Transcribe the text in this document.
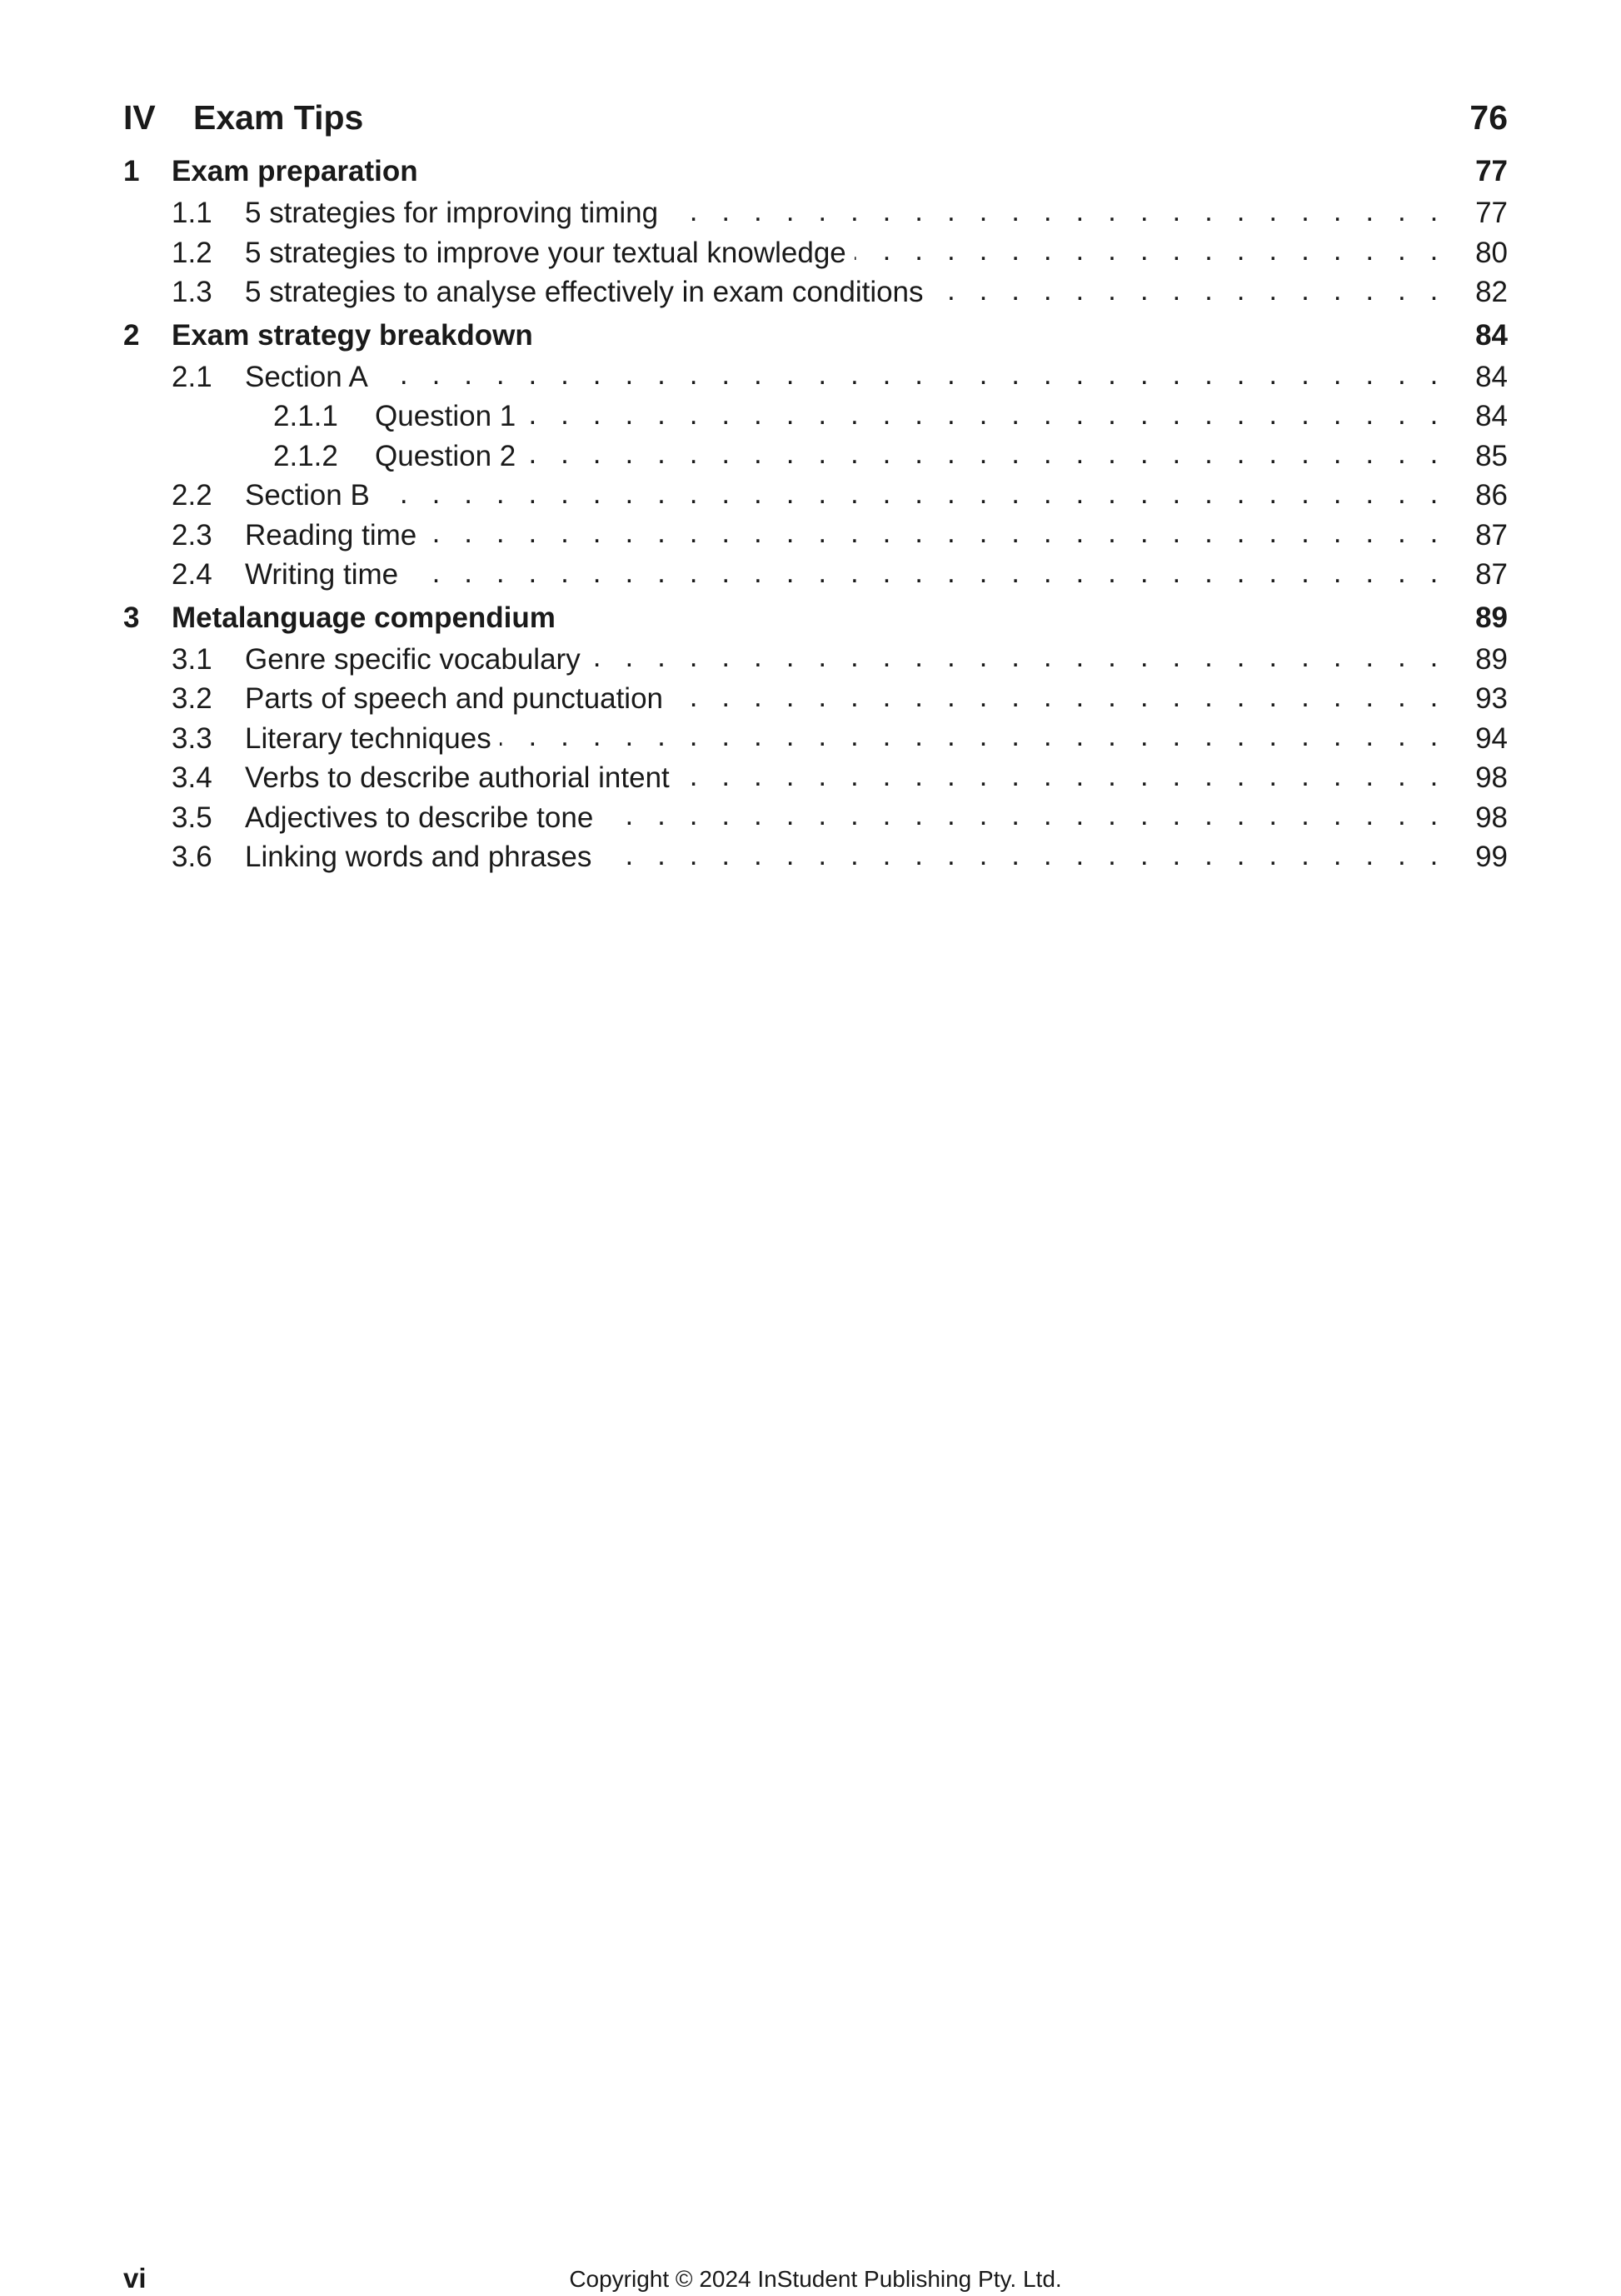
IV	Exam Tips	76
1	Exam preparation	77
1.1	5 strategies for improving timing . . .	77
1.2	5 strategies to improve your textual knowledge . . .	80
1.3	5 strategies to analyse effectively in exam conditions . . .	82
2	Exam strategy breakdown	84
2.1	Section A . . .	84
2.1.1	Question 1 . . .	84
2.1.2	Question 2 . . .	85
2.2	Section B . . .	86
2.3	Reading time . . .	87
2.4	Writing time . . .	87
3	Metalanguage compendium	89
3.1	Genre specific vocabulary . . .	89
3.2	Parts of speech and punctuation . . .	93
3.3	Literary techniques . . .	94
3.4	Verbs to describe authorial intent . . .	98
3.5	Adjectives to describe tone . . .	98
3.6	Linking words and phrases . . .	99
vi	Copyright © 2024 InStudent Publishing Pty. Ltd.
